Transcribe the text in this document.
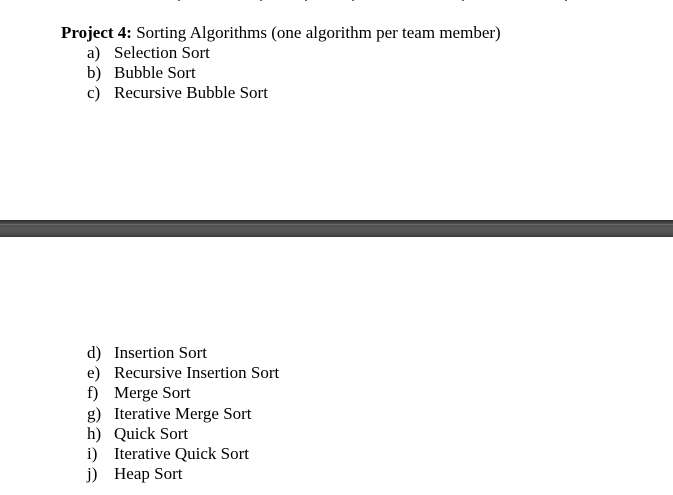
Project 4: Sorting Algorithms (one algorithm per team member)
a) Selection Sort
b) Bubble Sort
c) Recursive Bubble Sort
d) Insertion Sort
e) Recursive Insertion Sort
f) Merge Sort
g) Iterative Merge Sort
h) Quick Sort
i) Iterative Quick Sort
j) Heap Sort
